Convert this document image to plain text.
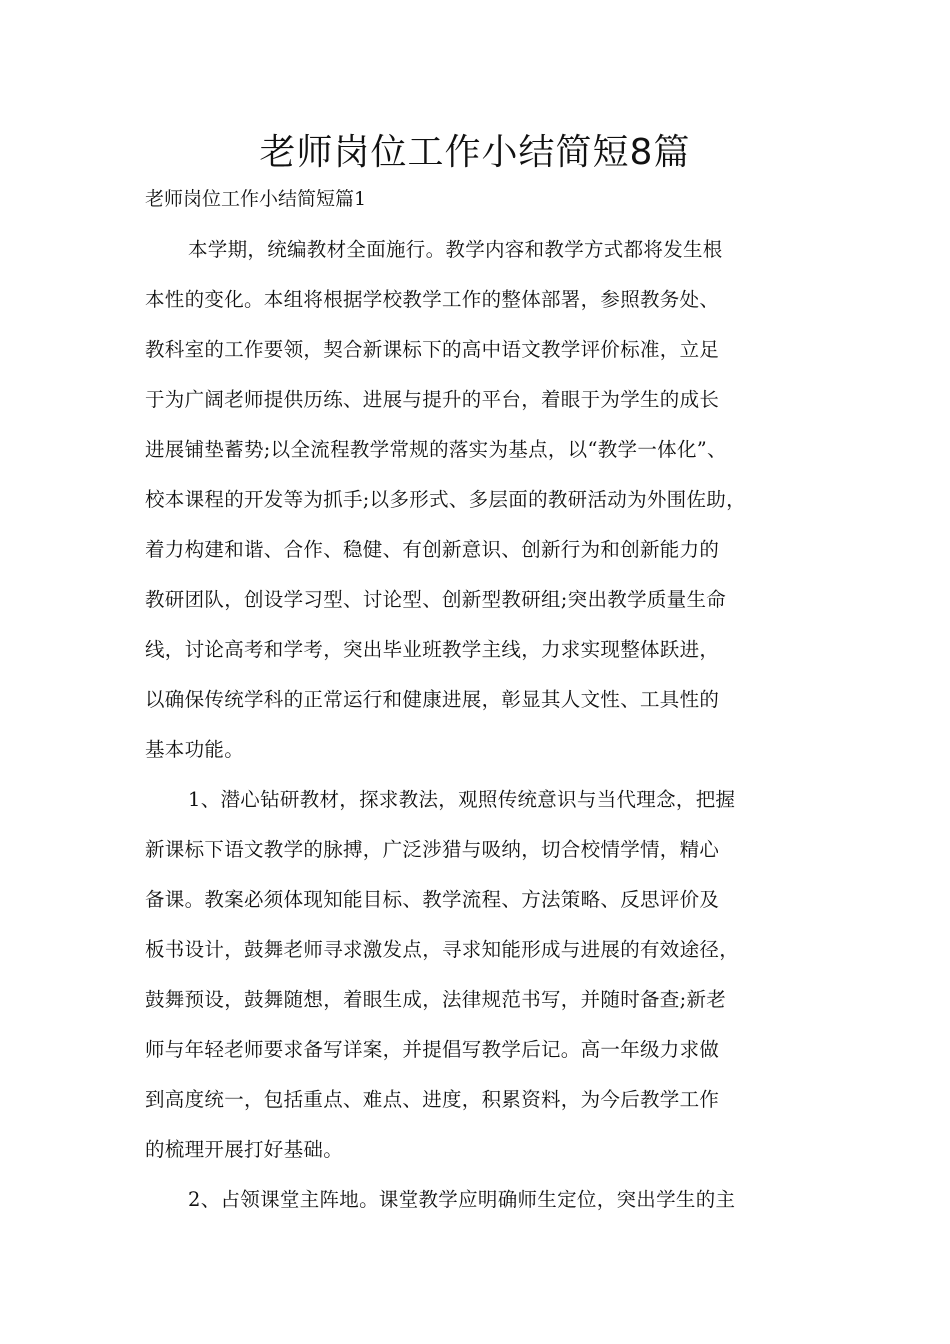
老师岗位工作小结简短8篇
老师岗位工作小结简短篇1
本学期，统编教材全面施行。教学内容和教学方式都将发生根
本性的变化。本组将根据学校教学工作的整体部署，参照教务处、
教科室的工作要领，契合新课标下的高中语文教学评价标准，立足
于为广阔老师提供历练、进展与提升的平台，着眼于为学生的成长
进展铺垫蓄势;以全流程教学常规的落实为基点，以“教学一体化”、
校本课程的开发等为抓手;以多形式、多层面的教研活动为外围佐助，
着力构建和谐、合作、稳健、有创新意识、创新行为和创新能力的
教研团队，创设学习型、讨论型、创新型教研组;突出教学质量生命
线，讨论高考和学考，突出毕业班教学主线，力求实现整体跃进，
以确保传统学科的正常运行和健康进展，彰显其人文性、工具性的
基本功能。
1、潜心钻研教材，探求教法，观照传统意识与当代理念，把握
新课标下语文教学的脉搏，广泛涉猎与吸纳，切合校情学情，精心
备课。教案必须体现知能目标、教学流程、方法策略、反思评价及
板书设计，鼓舞老师寻求激发点，寻求知能形成与进展的有效途径，
鼓舞预设，鼓舞随想，着眼生成，法律规范书写，并随时备查;新老
师与年轻老师要求备写详案，并提倡写教学后记。高一年级力求做
到高度统一，包括重点、难点、进度，积累资料，为今后教学工作
的梳理开展打好基础。
2、占领课堂主阵地。课堂教学应明确师生定位，突出学生的主
